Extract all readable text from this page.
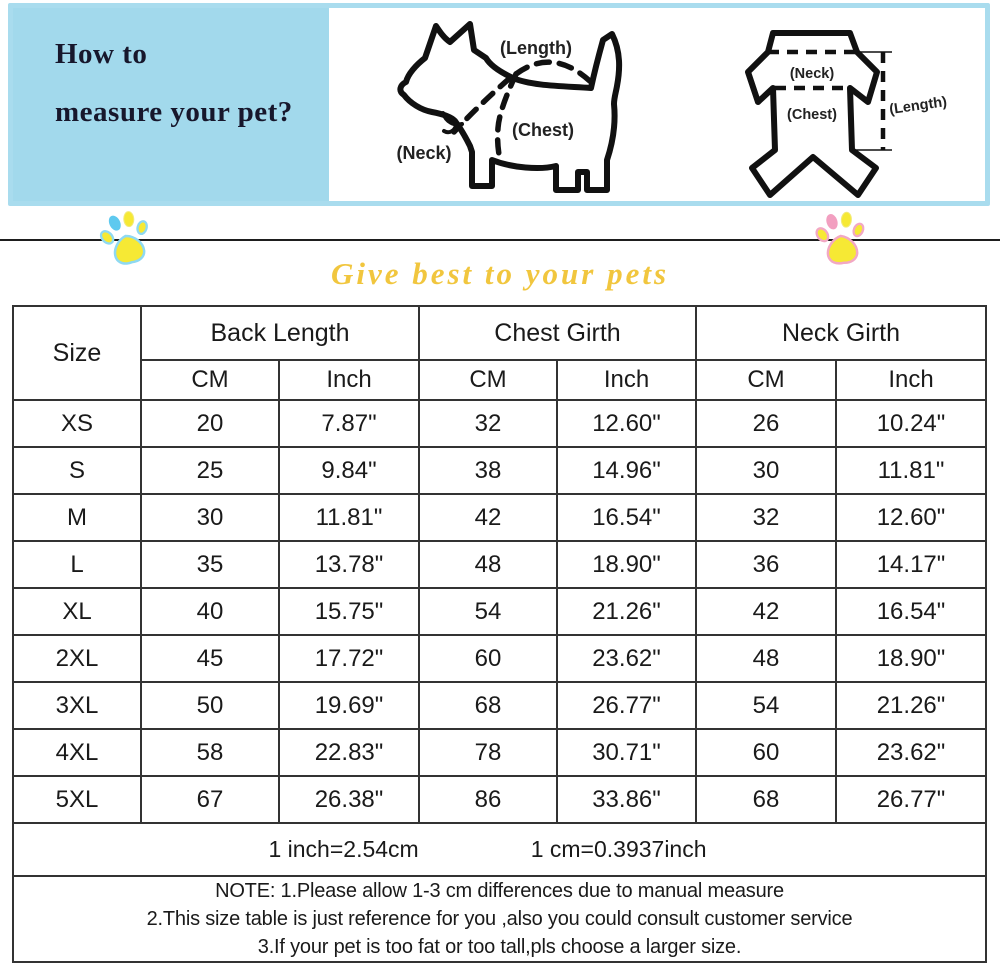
How to
measure your pet?
(Length)
(Chest)
(Neck)
(Neck)
(Chest)	(Length)
Give best to your pets
Size	Back Length		Chest Girth		Neck Girth	
	CM	Inch	CM	Inch	CM	Inch
XS	20	7.87"	32	12.60"	26	10.24"
S	25	9.84"	38	14.96"	30	11.81"
M	30	11.81"	42	16.54"	32	12.60"
L	35	13.78"	48	18.90"	36	14.17"
XL	40	15.75"	54	21.26"	42	16.54"
2XL	45	17.72"	60	23.62"	48	18.90"
3XL	50	19.69"	68	26.77"	54	21.26"
4XL	58	22.83"	78	30.71"	60	23.62"
5XL	67	26.38"	86	33.86"	68	26.77"

1 inch=2.54cm 1 cm=0.3937inch						

NOTE: 1.Please allow 1-3 cm differences due to manual measure
2.This size table is just reference for you ,also you could consult customer service
3.If your pet is too fat or too tall,pls choose a larger size.						
